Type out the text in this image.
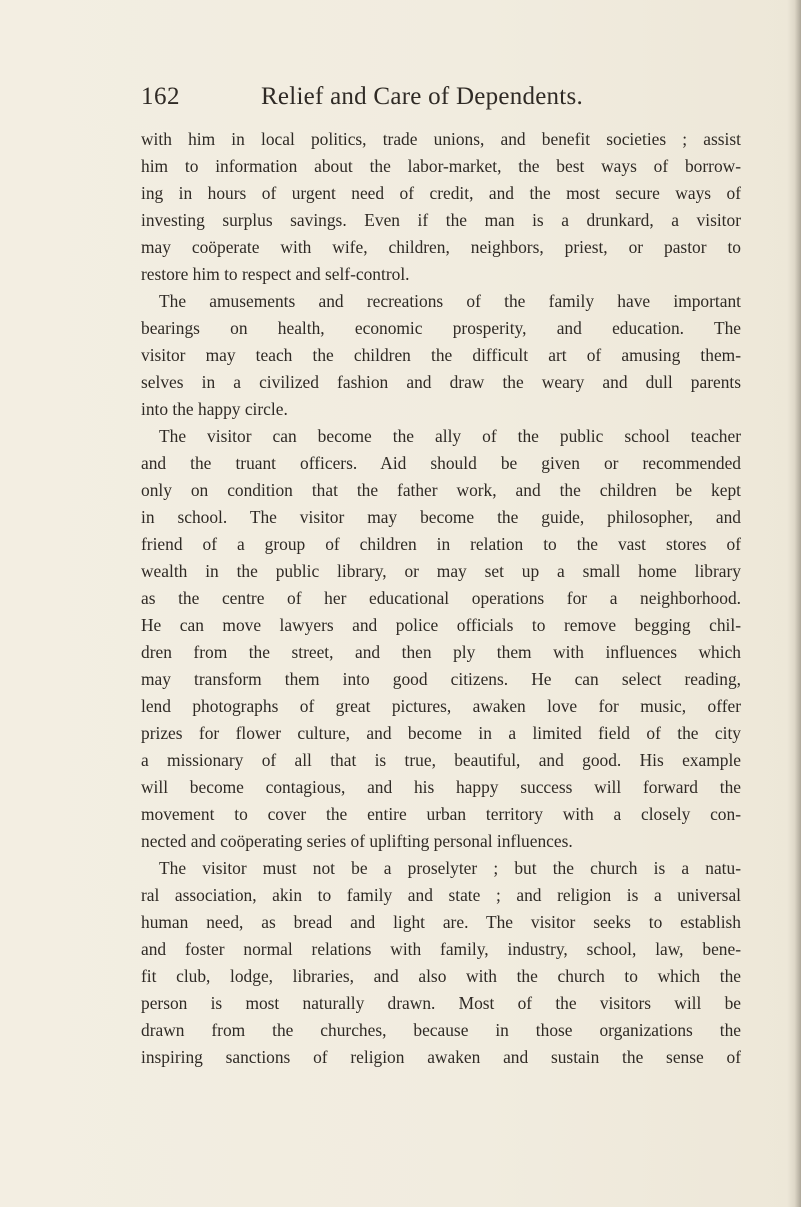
162	Relief and Care of Dependents.
with him in local politics, trade unions, and benefit societies ; assist
him to information about the labor-market, the best ways of borrow-
ing in hours of urgent need of credit, and the most secure ways of
investing surplus savings. Even if the man is a drunkard, a visitor
may coöperate with wife, children, neighbors, priest, or pastor to
restore him to respect and self-control.
The amusements and recreations of the family have important
bearings on health, economic prosperity, and education. The
visitor may teach the children the difficult art of amusing them-
selves in a civilized fashion and draw the weary and dull parents
into the happy circle.
The visitor can become the ally of the public school teacher
and the truant officers. Aid should be given or recommended
only on condition that the father work, and the children be kept
in school. The visitor may become the guide, philosopher, and
friend of a group of children in relation to the vast stores of
wealth in the public library, or may set up a small home library
as the centre of her educational operations for a neighborhood.
He can move lawyers and police officials to remove begging chil-
dren from the street, and then ply them with influences which
may transform them into good citizens. He can select reading,
lend photographs of great pictures, awaken love for music, offer
prizes for flower culture, and become in a limited field of the city
a missionary of all that is true, beautiful, and good. His example
will become contagious, and his happy success will forward the
movement to cover the entire urban territory with a closely con-
nected and coöperating series of uplifting personal influences.
The visitor must not be a proselyter ; but the church is a natu-
ral association, akin to family and state ; and religion is a universal
human need, as bread and light are. The visitor seeks to establish
and foster normal relations with family, industry, school, law, bene-
fit club, lodge, libraries, and also with the church to which the
person is most naturally drawn. Most of the visitors will be
drawn from the churches, because in those organizations the
inspiring sanctions of religion awaken and sustain the sense of
